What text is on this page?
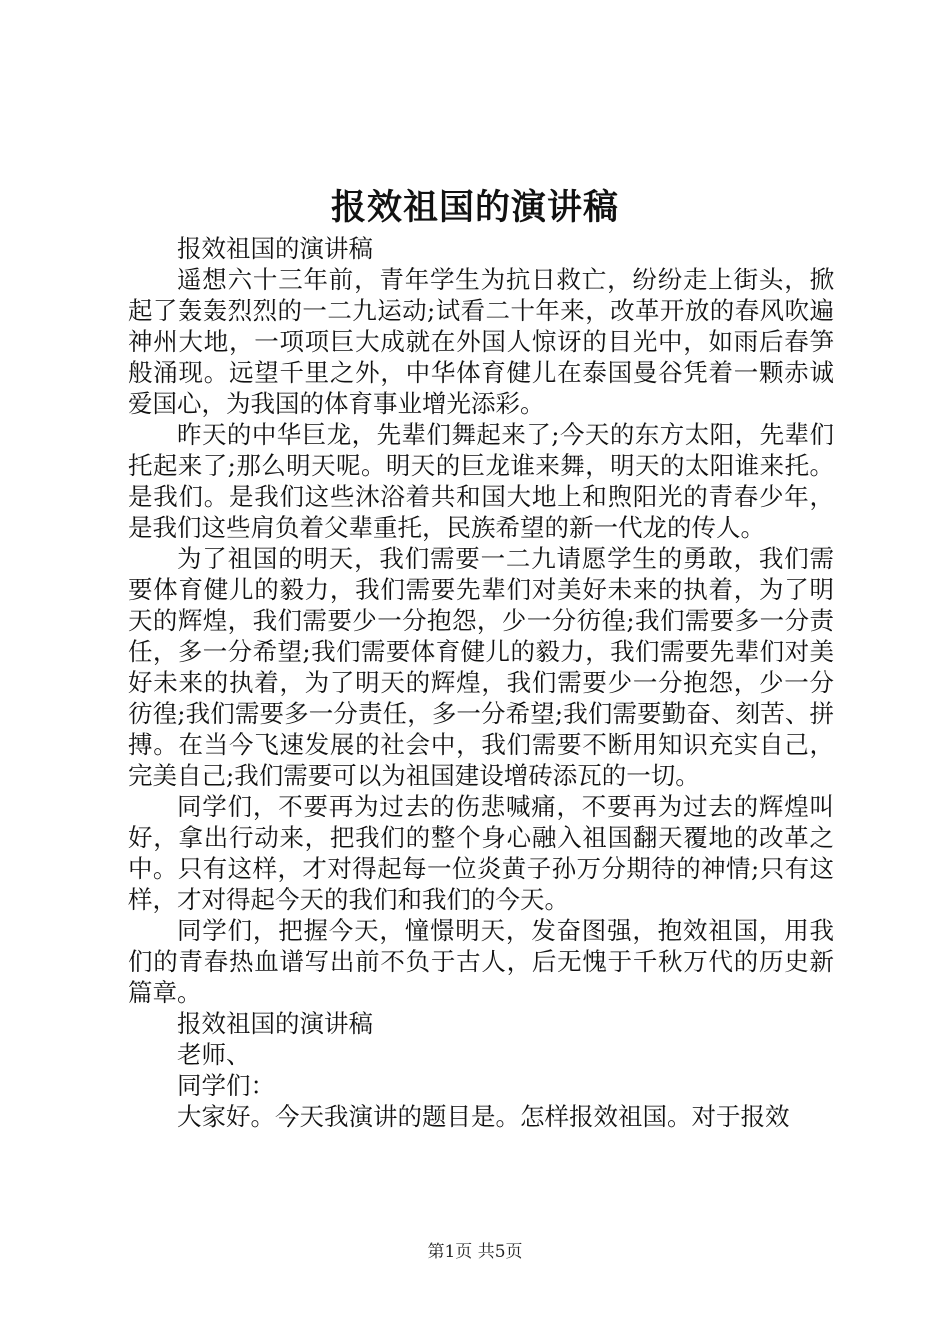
报效祖国的演讲稿

报效祖国的演讲稿

遥想六十三年前，青年学生为抗日救亡，纷纷走上街头，掀起了轰轰烈烈的一二九运动;试看二十年来，改革开放的春风吹遍神州大地，一项项巨大成就在外国人惊讶的目光中，如雨后春笋般涌现。远望千里之外，中华体育健儿在泰国曼谷凭着一颗赤诚爱国心，为我国的体育事业增光添彩。

昨天的中华巨龙，先辈们舞起来了;今天的东方太阳，先辈们托起来了;那么明天呢。明天的巨龙谁来舞，明天的太阳谁来托。是我们。是我们这些沐浴着共和国大地上和煦阳光的青春少年，是我们这些肩负着父辈重托，民族希望的新一代龙的传人。

为了祖国的明天，我们需要一二九请愿学生的勇敢，我们需要体育健儿的毅力，我们需要先辈们对美好未来的执着，为了明天的辉煌，我们需要少一分抱怨，少一分彷徨;我们需要多一分责任，多一分希望;我们需要体育健儿的毅力，我们需要先辈们对美好未来的执着，为了明天的辉煌，我们需要少一分抱怨，少一分彷徨;我们需要多一分责任，多一分希望;我们需要勤奋、刻苦、拼搏。在当今飞速发展的社会中，我们需要不断用知识充实自己，完美自己;我们需要可以为祖国建设增砖添瓦的一切。

同学们，不要再为过去的伤悲喊痛，不要再为过去的辉煌叫好，拿出行动来，把我们的整个身心融入祖国翻天覆地的改革之中。只有这样，才对得起每一位炎黄子孙万分期待的神情;只有这样，才对得起今天的我们和我们的今天。

同学们，把握今天，憧憬明天，发奋图强，抱效祖国，用我们的青春热血谱写出前不负于古人，后无愧于千秋万代的历史新篇章。

报效祖国的演讲稿

老师、

同学们：

大家好。今天我演讲的题目是。怎样报效祖国。对于报效

第1页 共5页
